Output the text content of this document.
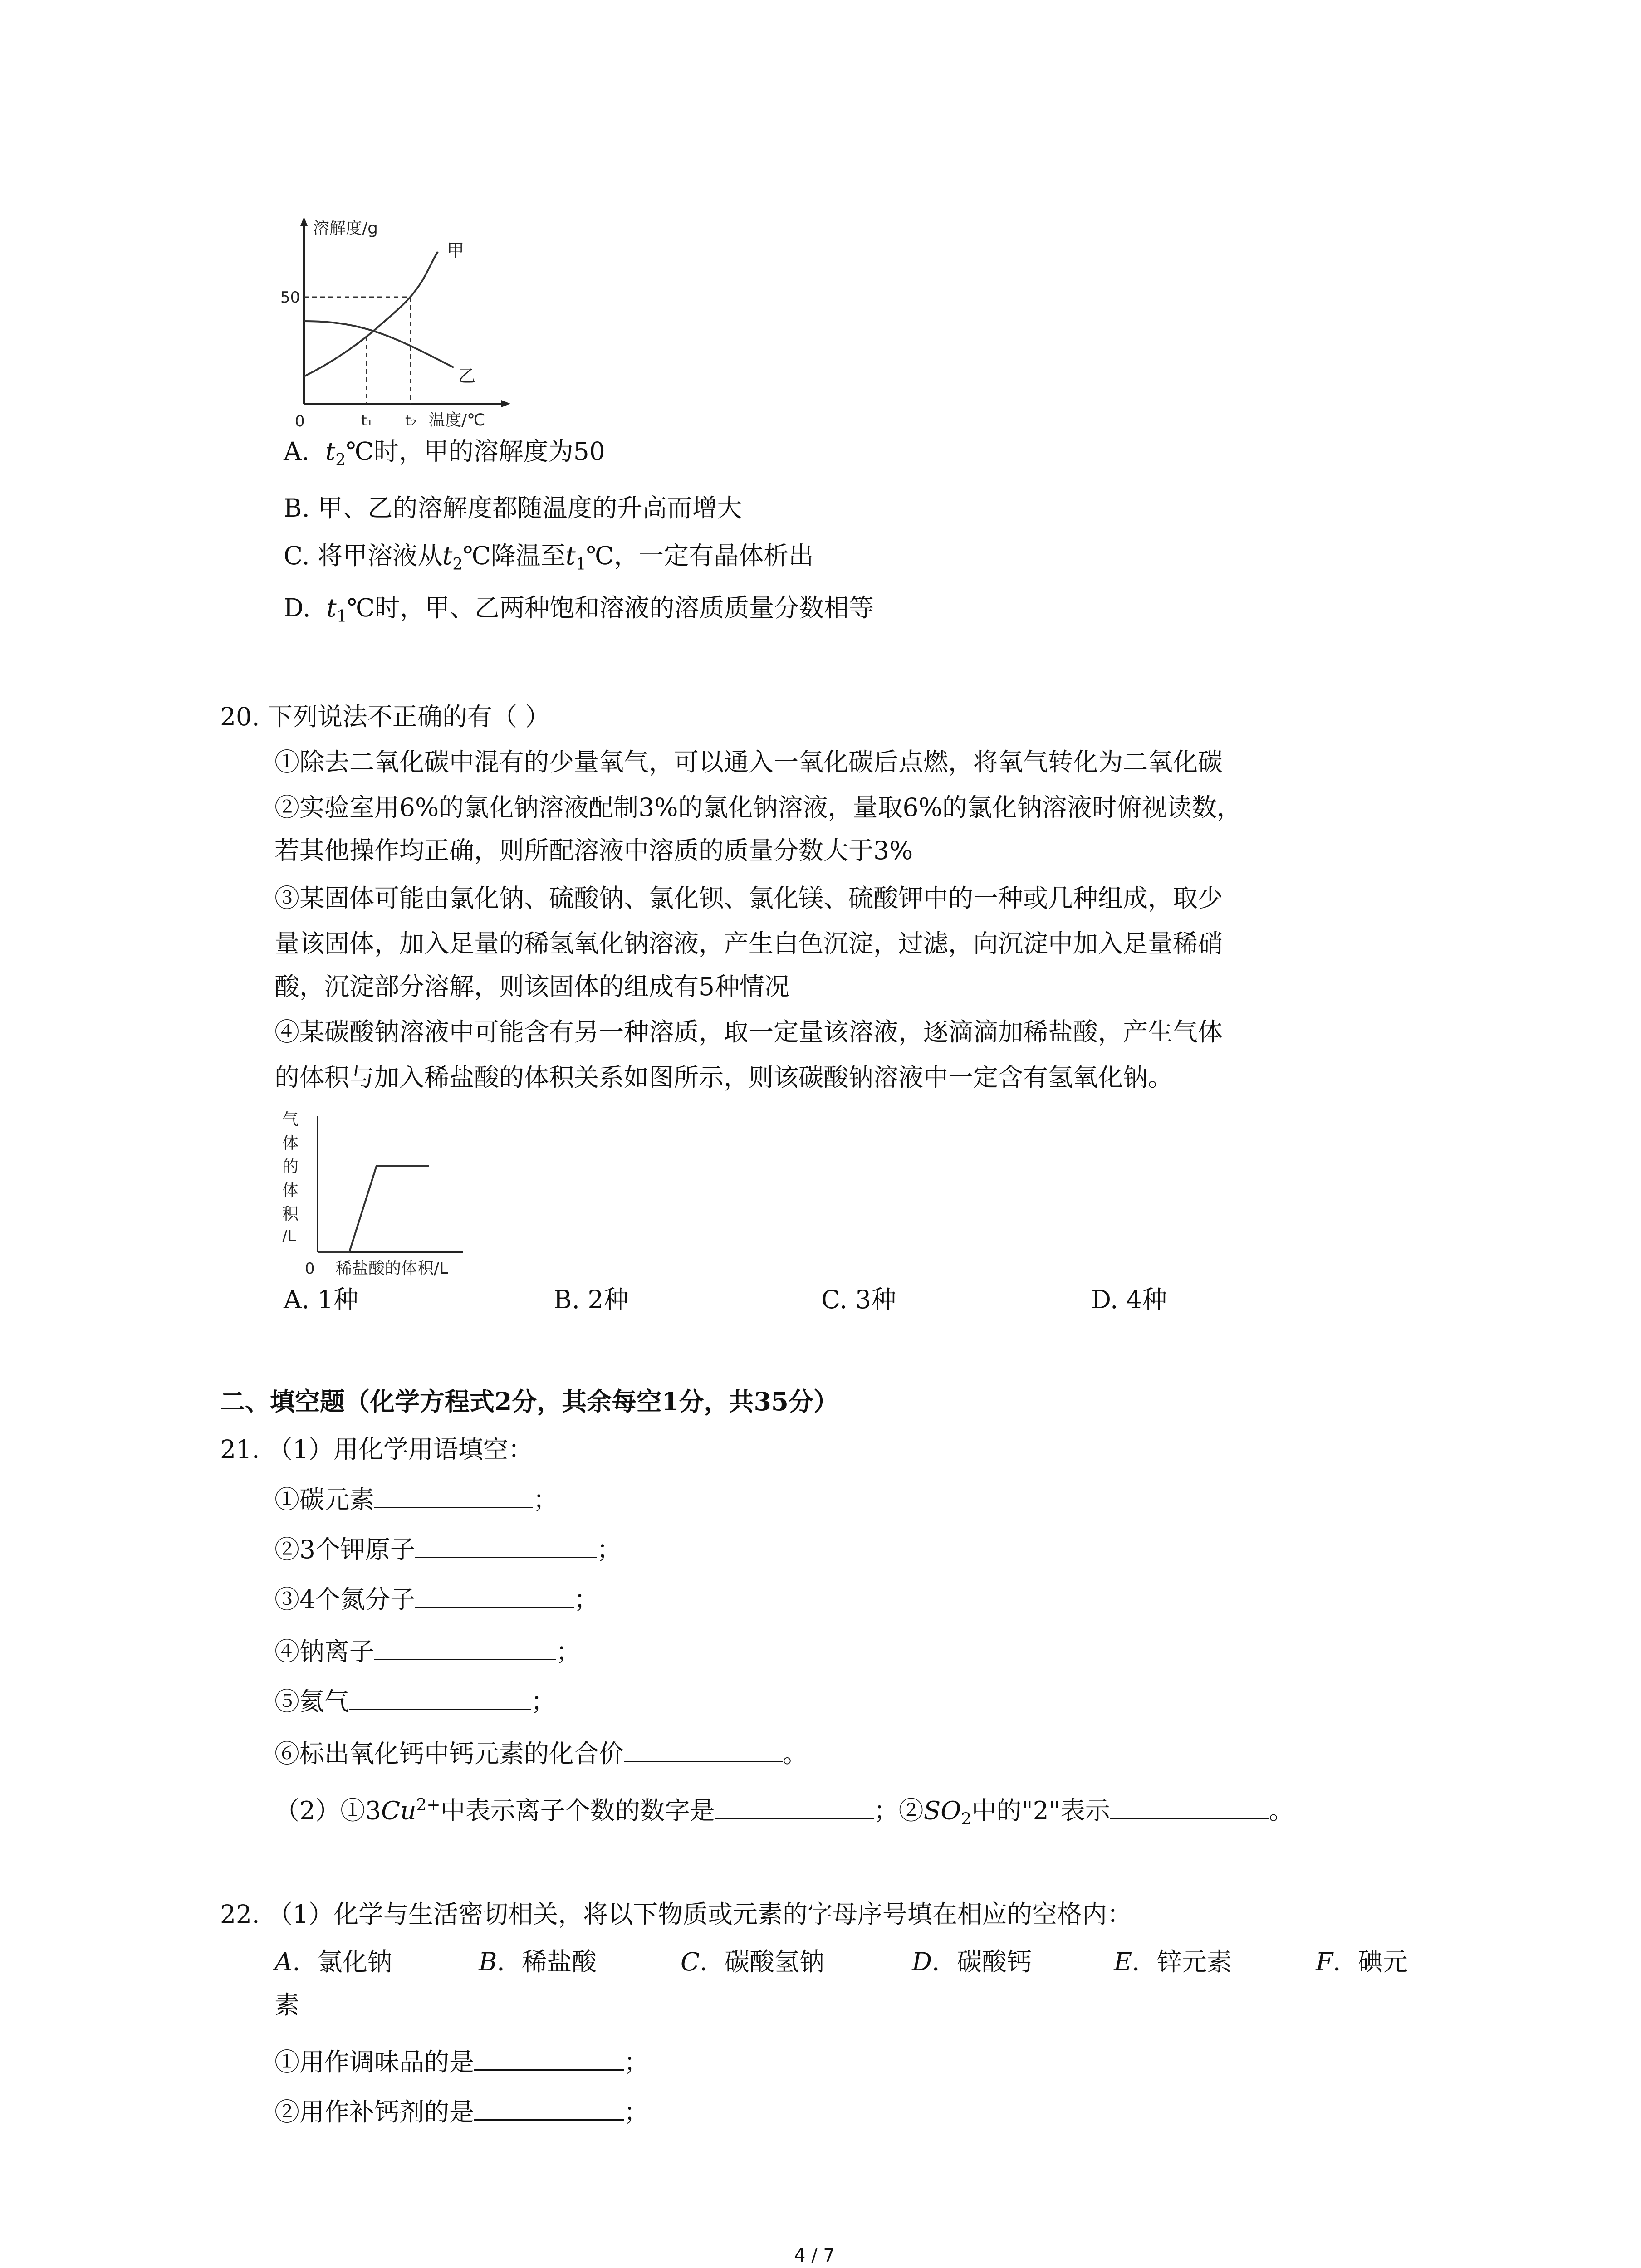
溶解度/g
50
0	t₁ t₂ 温度/℃
甲
乙
A. $t_2℃$时，甲的溶解度为50
B. 甲、乙的溶解度都随温度的升高而增大
C. 将甲溶液从$t_2℃$降温至$t_1℃$，一定有晶体析出
D. $t_1℃$时，甲、乙两种饱和溶液的溶质质量分数相等
20. 下列说法不正确的有（ ）
①除去二氧化碳中混有的少量氧气，可以通入一氧化碳后点燃，将氧气转化为二氧化碳
②实验室用6%的氯化钠溶液配制3%的氯化钠溶液，量取6%的氯化钠溶液时俯视读数，
若其他操作均正确，则所配溶液中溶质的质量分数大于3%
③某固体可能由氯化钠、硫酸钠、氯化钡、氯化镁、硫酸钾中的一种或几种组成，取少
量该固体，加入足量的稀氢氧化钠溶液，产生白色沉淀，过滤，向沉淀中加入足量稀硝
酸，沉淀部分溶解，则该固体的组成有5种情况
④某碳酸钠溶液中可能含有另一种溶质，取一定量该溶液，逐滴滴加稀盐酸，产生气体
的体积与加入稀盐酸的体积关系如图所示，则该碳酸钠溶液中一定含有氢氧化钠。
气
体
的
体
积
/L
0 稀盐酸的体积/L
A. 1种	B. 2种	C. 3种	D. 4种
二、填空题（化学方程式2分，其余每空1分，共35分）
21. （1）用化学用语填空：
①碳元素	；
②3个钾原子	；
③4个氮分子	；
④钠离子	；
⑤氦气	；
⑥标出氧化钙中钙元素的化合价	。
$(2)①3Cu^{2+}$中表示离子个数的数字是	；$②SO_2$中的"2"表示	。
22. （1）化学与生活密切相关，将以下物质或元素的字母序号填在相应的空格内：
A．氯化钠	B．稀盐酸	C．碳酸氢钠	D．碳酸钙	E．锌元素	F．碘元
素
①用作调味品的是	；
②用作补钙剂的是	；
4 / 7
